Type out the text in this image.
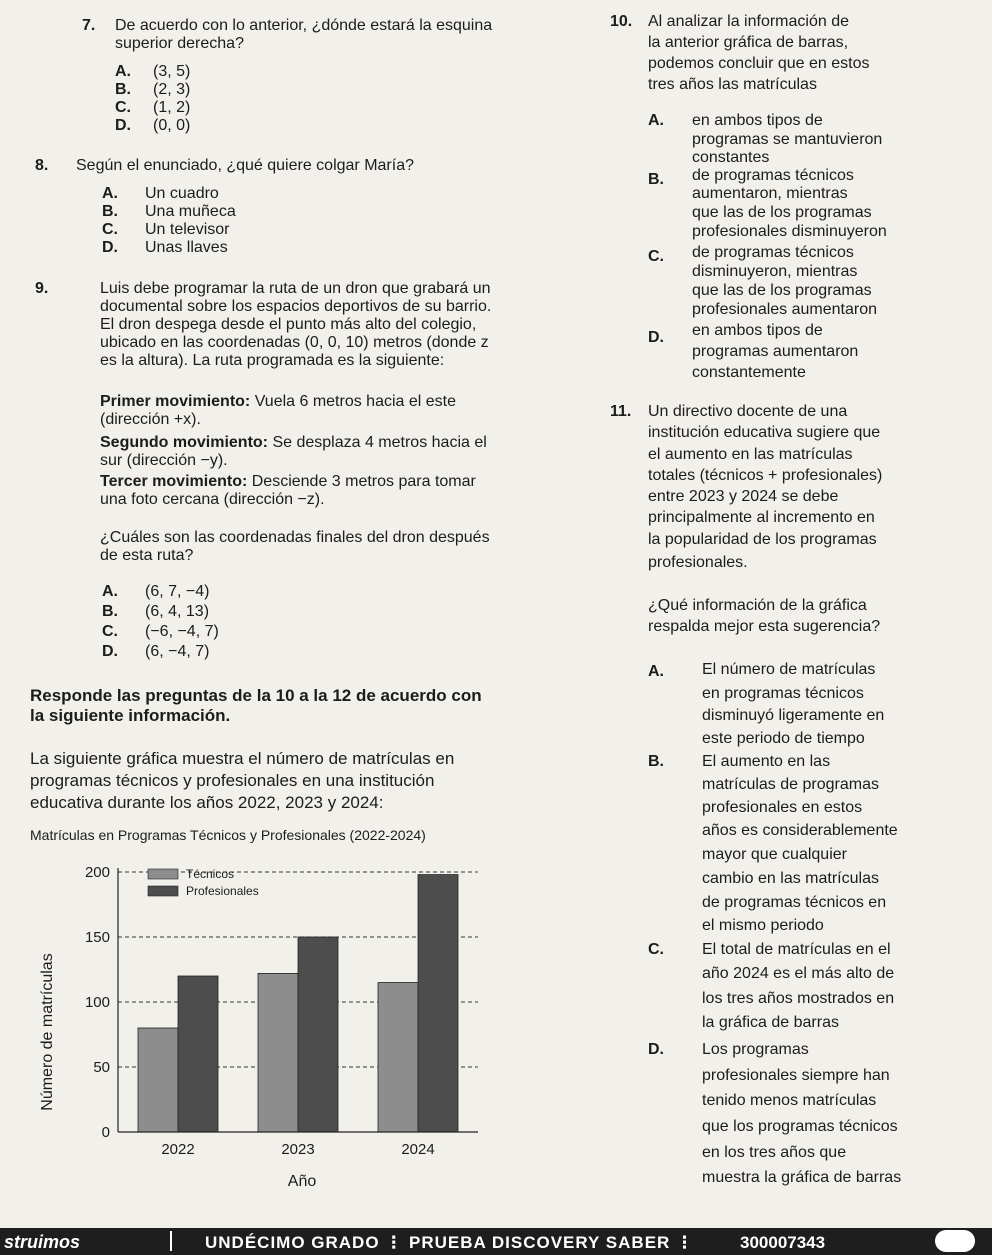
7. De acuerdo con lo anterior, ¿dónde estará la esquina
superior derecha?
A. (3, 5)
B. (2, 3)
C. (1, 2)
D. (0, 0)
8. Según el enunciado, ¿qué quiere colgar María?
A. Un cuadro
B. Una muñeca
C. Un televisor
D. Unas llaves
9.	Luis debe programar la ruta de un dron que grabará un
documental sobre los espacios deportivos de su barrio.
El dron despega desde el punto más alto del colegio,
ubicado en las coordenadas (0, 0, 10) metros (donde z
es la altura). La ruta programada es la siguiente:
Primer movimiento: Vuela 6 metros hacia el este
(dirección +x).
Segundo movimiento: Se desplaza 4 metros hacia el
sur (dirección −y).
Tercer movimiento: Desciende 3 metros para tomar
una foto cercana (dirección −z).
¿Cuáles son las coordenadas finales del dron después
de esta ruta?
A. (6, 7, −4)
B. (6, 4, 13)
C. (−6, −4, 7)
D. (6, −4, 7)
Responde las preguntas de la 10 a la 12 de acuerdo con
la siguiente información.
La siguiente gráfica muestra el número de matrículas en
programas técnicos y profesionales en una institución
educativa durante los años 2022, 2023 y 2024:
Matrículas en Programas Técnicos y Profesionales (2022-2024)
0
50
100
150
200
2022	2023	2024
Técnicos
Profesionales
Año
Número de matrículas
10. Al analizar la información de
la anterior gráfica de barras,
podemos concluir que en estos
tres años las matrículas
A. en ambos tipos de
programas se mantuvieron
constantes
B. de programas técnicos
aumentaron, mientras
que las de los programas
profesionales disminuyeron
C. de programas técnicos
disminuyeron, mientras
que las de los programas
profesionales aumentaron
D. en ambos tipos de
programas aumentaron
constantemente
11. Un directivo docente de una
institución educativa sugiere que
el aumento en las matrículas
totales (técnicos + profesionales)
entre 2023 y 2024 se debe
principalmente al incremento en
la popularidad de los programas
profesionales.
¿Qué información de la gráfica
respalda mejor esta sugerencia?
A. El número de matrículas
en programas técnicos
disminuyó ligeramente en
este periodo de tiempo
B. El aumento en las
matrículas de programas
profesionales en estos
años es considerablemente
mayor que cualquier
cambio en las matrículas
de programas técnicos en
el mismo periodo
C. El total de matrículas en el
año 2024 es el más alto de
los tres años mostrados en
la gráfica de barras
D. Los programas
profesionales siempre han
tenido menos matrículas
que los programas técnicos
en los tres años que
muestra la gráfica de barras
struimos	UNDÉCIMO GRADO ⋮ PRUEBA DISCOVERY SABER ⋮	300007343
